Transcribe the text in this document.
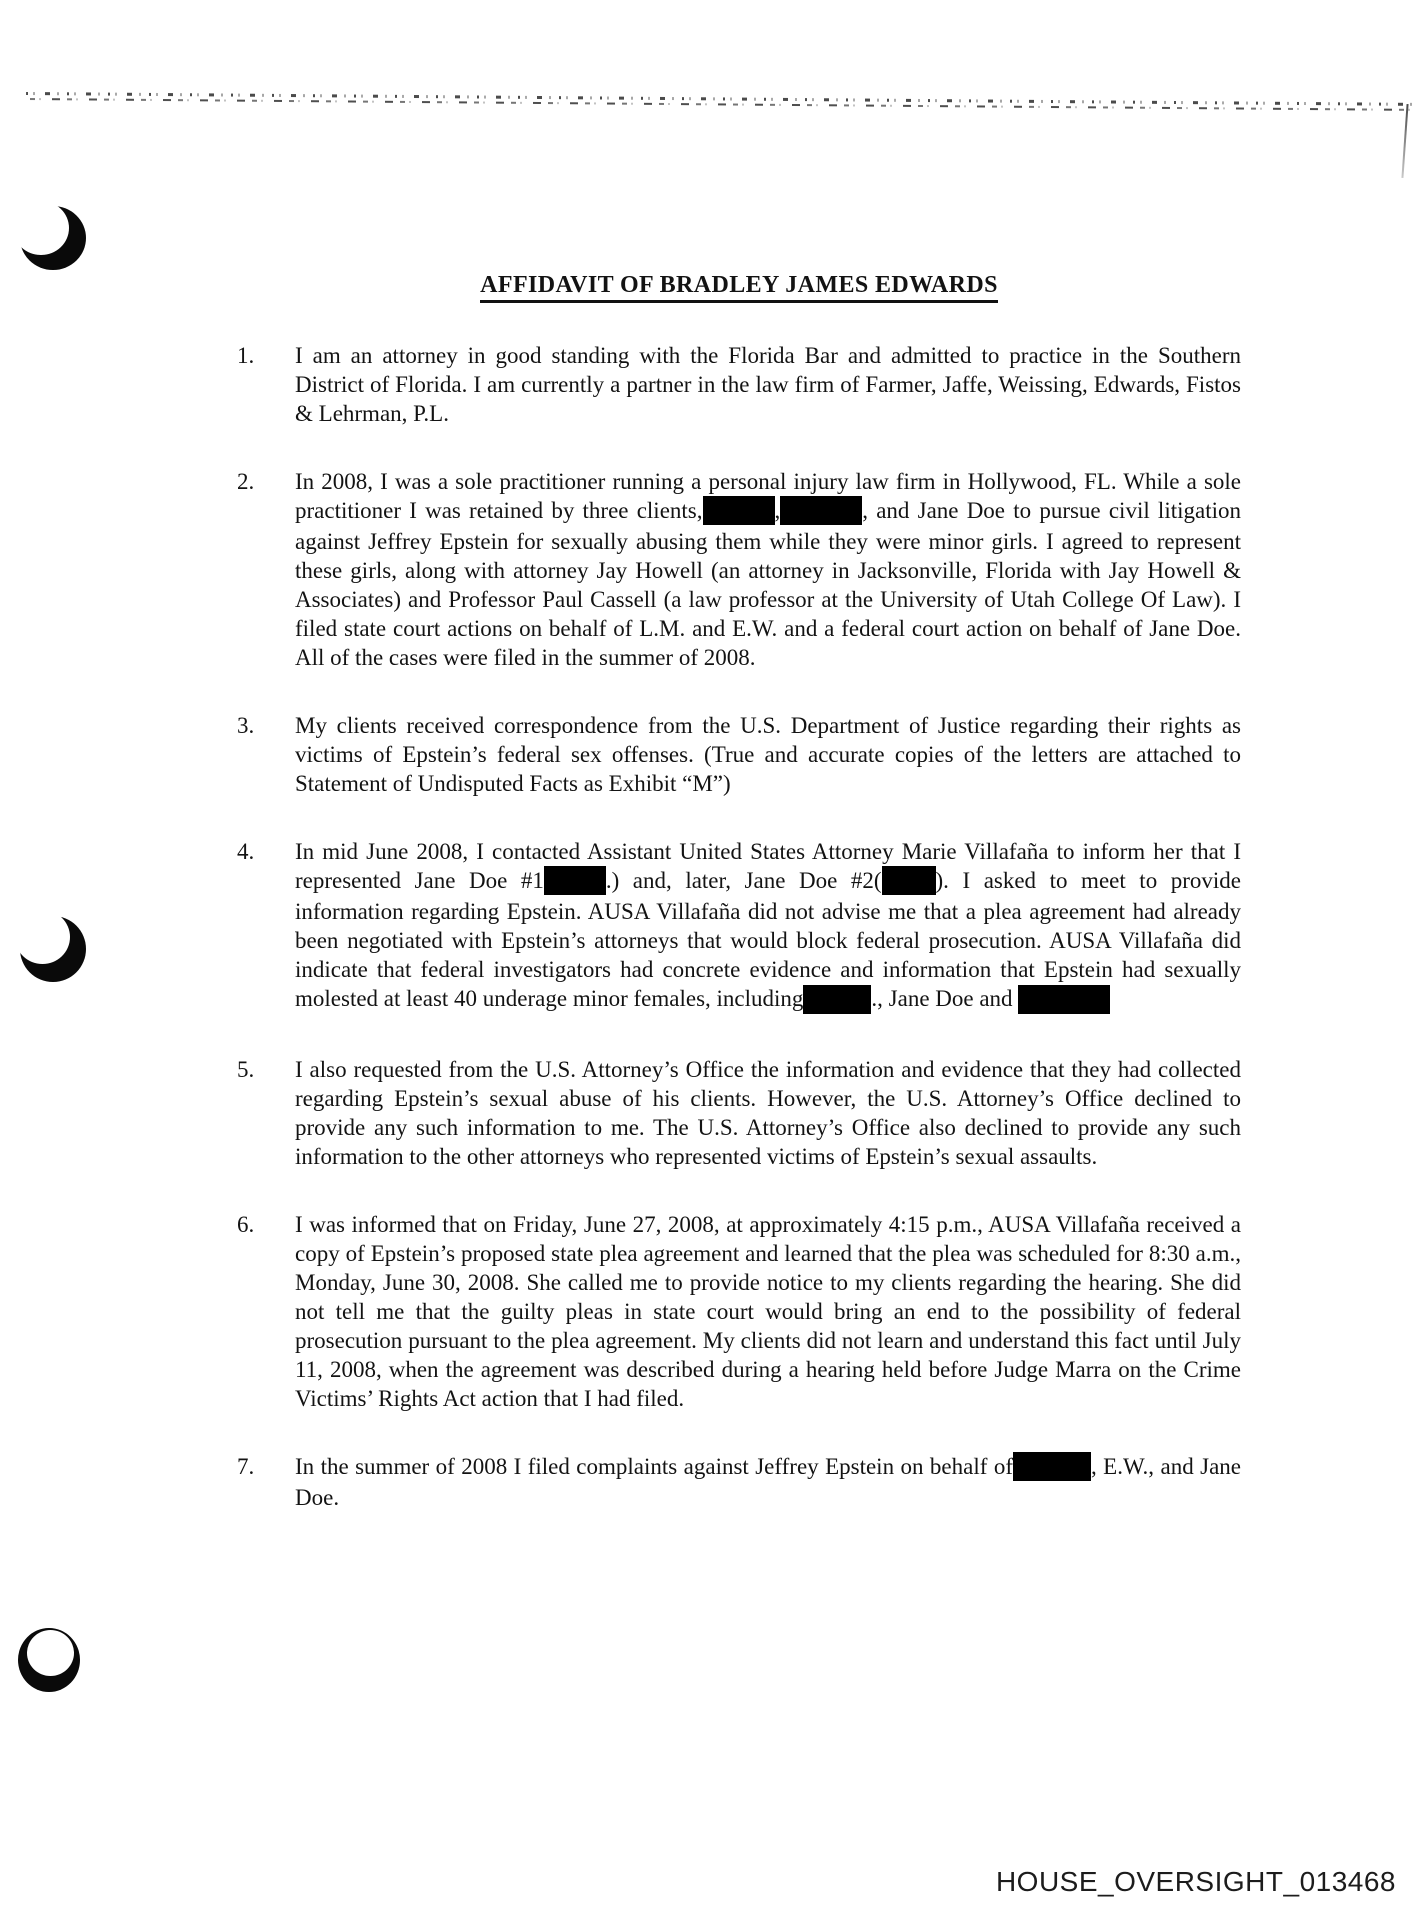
AFFIDAVIT OF BRADLEY JAMES EDWARDS
1.	I am an attorney in good standing with the Florida Bar and admitted to practice in the Southern District of Florida. I am currently a partner in the law firm of Farmer, Jaffe, Weissing, Edwards, Fistos & Lehrman, P.L.
2.	In 2008, I was a sole practitioner running a personal injury law firm in Hollywood, FL. While a sole practitioner I was retained by three clients,	,	, and Jane Doe to pursue civil litigation against Jeffrey Epstein for sexually abusing them while they were minor girls. I agreed to represent these girls, along with attorney Jay Howell (an attorney in Jacksonville, Florida with Jay Howell & Associates) and Professor Paul Cassell (a law professor at the University of Utah College Of Law). I filed state court actions on behalf of L.M. and E.W. and a federal court action on behalf of Jane Doe. All of the cases were filed in the summer of 2008.
3.	My clients received correspondence from the U.S. Department of Justice regarding their rights as victims of Epstein’s federal sex offenses. (True and accurate copies of the letters are attached to Statement of Undisputed Facts as Exhibit “M”)
4.	In mid June 2008, I contacted Assistant United States Attorney Marie Villafaña to inform her that I represented Jane Doe #1	.) and, later, Jane Doe #2( ). I asked to meet to provide information regarding Epstein. AUSA Villafaña did not advise me that a plea agreement had already been negotiated with Epstein’s attorneys that would block federal prosecution. AUSA Villafaña did indicate that federal investigators had concrete evidence and information that Epstein had sexually molested at least 40 underage minor females, including	., Jane Doe and
5.	I also requested from the U.S. Attorney’s Office the information and evidence that they had collected regarding Epstein’s sexual abuse of his clients. However, the U.S. Attorney’s Office declined to provide any such information to me. The U.S. Attorney’s Office also declined to provide any such information to the other attorneys who represented victims of Epstein’s sexual assaults.
6.	I was informed that on Friday, June 27, 2008, at approximately 4:15 p.m., AUSA Villafaña received a copy of Epstein’s proposed state plea agreement and learned that the plea was scheduled for 8:30 a.m., Monday, June 30, 2008. She called me to provide notice to my clients regarding the hearing. She did not tell me that the guilty pleas in state court would bring an end to the possibility of federal prosecution pursuant to the plea agreement. My clients did not learn and understand this fact until July 11, 2008, when the agreement was described during a hearing held before Judge Marra on the Crime Victims’ Rights Act action that I had filed.
7.	In the summer of 2008 I filed complaints against Jeffrey Epstein on behalf of	, E.W., and Jane Doe.
HOUSE_OVERSIGHT_013468
